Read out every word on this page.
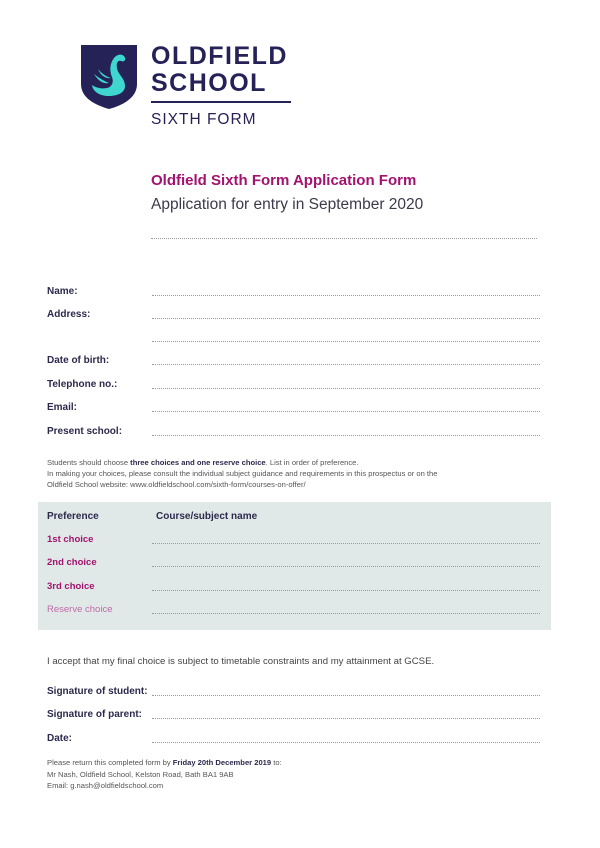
OLDFIELD
SCHOOL
SIXTH FORM
Oldfield Sixth Form Application Form
Application for entry in September 2020
Name:
Address:
Date of birth:
Telephone no.:
Email:
Present school:
Students should choose three choices and one reserve choice. List in order of preference.
In making your choices, please consult the individual subject guidance and requirements in this prospectus or on the
Oldfield School website: www.oldfieldschool.com/sixth-form/courses-on-offer/
Preference	Course/subject name
1st choice
2nd choice
3rd choice
Reserve choice
I accept that my final choice is subject to timetable constraints and my attainment at GCSE.
Signature of student:
Signature of parent:
Date:
Please return this completed form by Friday 20th December 2019 to:
Mr Nash, Oldfield School, Kelston Road, Bath BA1 9AB
Email: g.nash@oldfieldschool.com
